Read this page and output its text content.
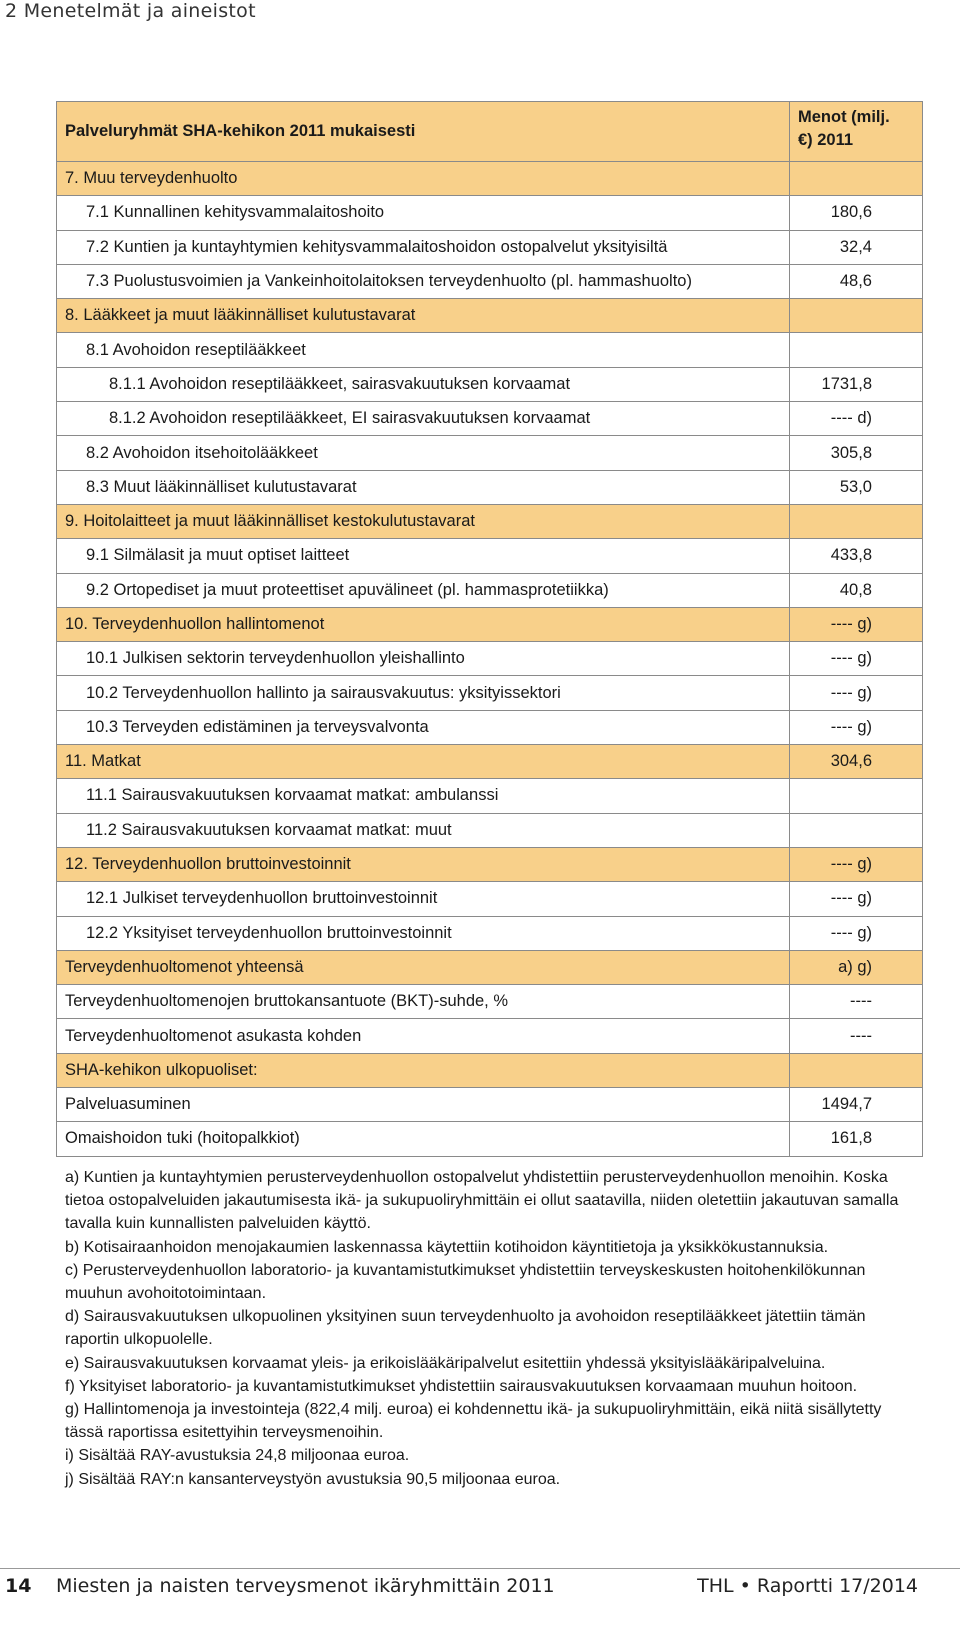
2 Menetelmät ja aineistot
Palveluryhmät SHA-kehikon 2011 mukaisesti	Menot (milj. €) 2011
7. Muu terveydenhuolto	
7.1 Kunnallinen kehitysvammalaitoshoito	180,6
7.2 Kuntien ja kuntayhtymien kehitysvammalaitoshoidon ostopalvelut yksityisiltä	32,4
7.3 Puolustusvoimien ja Vankeinhoitolaitoksen terveydenhuolto (pl. hammashuolto)	48,6
8. Lääkkeet ja muut lääkinnälliset kulutustavarat	
8.1 Avohoidon reseptilääkkeet	
8.1.1 Avohoidon reseptilääkkeet, sairasvakuutuksen korvaamat	1731,8
8.1.2 Avohoidon reseptilääkkeet, EI sairasvakuutuksen korvaamat	---- d)
8.2 Avohoidon itsehoitolääkkeet	305,8
8.3 Muut lääkinnälliset kulutustavarat	53,0
9. Hoitolaitteet ja muut lääkinnälliset kestokulutustavarat	
9.1 Silmälasit ja muut optiset laitteet	433,8
9.2 Ortopediset ja muut proteettiset apuvälineet (pl. hammasprotetiikka)	40,8
10. Terveydenhuollon hallintomenot	---- g)
10.1 Julkisen sektorin terveydenhuollon yleishallinto	---- g)
10.2 Terveydenhuollon hallinto ja sairausvakuutus: yksityissektori	---- g)
10.3 Terveyden edistäminen ja terveysvalvonta	---- g)
11. Matkat	304,6
11.1 Sairausvakuutuksen korvaamat matkat: ambulanssi	
11.2 Sairausvakuutuksen korvaamat matkat: muut	
12. Terveydenhuollon bruttoinvestoinnit	---- g)
12.1 Julkiset terveydenhuollon bruttoinvestoinnit	---- g)
12.2 Yksityiset terveydenhuollon bruttoinvestoinnit	---- g)
Terveydenhuoltomenot yhteensä	a) g)
Terveydenhuoltomenojen bruttokansantuote (BKT)-suhde, %	----
Terveydenhuoltomenot asukasta kohden	----
SHA-kehikon ulkopuoliset:	
Palveluasuminen	1494,7
Omaishoidon tuki (hoitopalkkiot)	161,8

a) Kuntien ja kuntayhtymien perusterveydenhuollon ostopalvelut yhdistettiin perusterveydenhuollon menoihin. Koska tietoa ostopalveluiden jakautumisesta ikä- ja sukupuoliryhmittäin ei ollut saatavilla, niiden oletettiin jakautuvan samalla tavalla kuin kunnallisten palveluiden käyttö.

b) Kotisairaanhoidon menojakaumien laskennassa käytettiin kotihoidon käyntitietoja ja yksikkökustannuksia.

c) Perusterveydenhuollon laboratorio- ja kuvantamistutkimukset yhdistettiin terveyskeskusten hoitohenkilökunnan muuhun avohoitotoimintaan.

d) Sairausvakuutuksen ulkopuolinen yksityinen suun terveydenhuolto ja avohoidon reseptilääkkeet jätettiin tämän raportin ulkopuolelle.

e) Sairausvakuutuksen korvaamat yleis- ja erikoislääkäripalvelut esitettiin yhdessä yksityislääkäripalveluina.

f) Yksityiset laboratorio- ja kuvantamistutkimukset yhdistettiin sairausvakuutuksen korvaamaan muuhun hoitoon.

g) Hallintomenoja ja investointeja (822,4 milj. euroa) ei kohdennettu ikä- ja sukupuoliryhmittäin, eikä niitä sisällytetty tässä raportissa esitettyihin terveysmenoihin.

i) Sisältää RAY-avustuksia 24,8 miljoonaa euroa.

j) Sisältää RAY:n kansanterveystyön avustuksia 90,5 miljoonaa euroa.

14 Miesten ja naisten terveysmenot ikäryhmittäin 2011	THL • Raportti 17/2014
